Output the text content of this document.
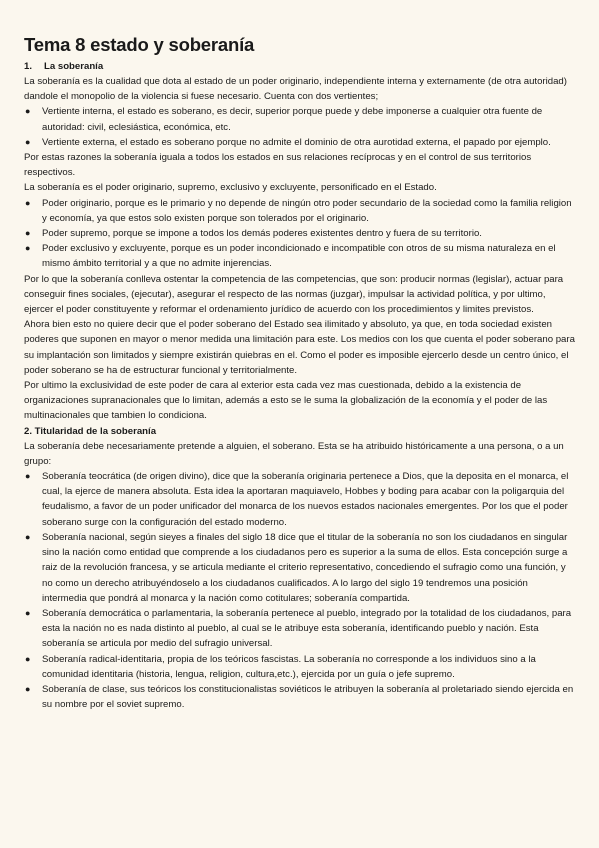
Tema 8 estado y soberanía
1. La soberanía

La soberanía es la cualidad que dota al estado de un poder originario, independiente interna y externamente (de otra autoridad) dandole el monopolio de la violencia si fuese necesario. Cuenta con dos vertientes;

● Vertiente interna, el estado es soberano, es decir, superior porque puede y debe imponerse a cualquier otra fuente de autoridad: civil, eclesiástica, económica, etc.
● Vertiente externa, el estado es soberano porque no admite el dominio de otra aurotidad externa, el papado por ejemplo.

Por estas razones la soberanía iguala a todos los estados en sus relaciones recíprocas y en el control de sus territorios respectivos.

La soberanía es el poder originario, supremo, exclusivo y excluyente, personificado en el Estado.

● Poder originario, porque es le primario y no depende de ningún otro poder secundario de la sociedad como la familia religion y economía, ya que estos solo existen porque son tolerados por el originario.
● Poder supremo, porque se impone a todos los demás poderes existentes dentro y fuera de su territorio.
● Poder exclusivo y excluyente, porque es un poder incondicionado e incompatible con otros de su misma naturaleza en el mismo ámbito territorial y a que no admite injerencias.

Por lo que la soberanía conlleva ostentar la competencia de las competencias, que son: producir normas (legislar), actuar para conseguir fines sociales, (ejecutar), asegurar el respecto de las normas (juzgar), impulsar la actividad política, y por ultimo, ejercer el poder constituyente y reformar el ordenamiento jurídico de acuerdo con los procedimientos y limites previstos.

Ahora bien esto no quiere decir que el poder soberano del Estado sea ilimitado y absoluto, ya que, en toda sociedad existen poderes que suponen en mayor o menor medida una limitación para este. Los medios con los que cuenta el poder soberano para su implantación son limitados y siempre existirán quiebras en el. Como el poder es imposible ejercerlo desde un centro único, el poder soberano se ha de estructurar funcional y territorialmente.

Por ultimo la exclusividad de este poder de cara al exterior esta cada vez mas cuestionada, debido a la existencia de organizaciones supranacionales que lo limitan, además a esto se le suma la globalización de la economía y el poder de las multinacionales que tambien lo condiciona.

2. Titularidad de la soberanía

La soberanía debe necesariamente pretende a alguien, el soberano. Esta se ha atribuido históricamente a una persona, o a un grupo:

● Soberanía teocrática (de origen divino), dice que la soberanía originaria pertenece a Dios, que la deposita en el monarca, el cual, la ejerce de manera absoluta. Esta idea la aportaran maquiavelo, Hobbes y boding para acabar con la poligarquia del feudalismo, a favor de un poder unificador del monarca de los nuevos estados nacionales emergentes. Por los que el poder soberano surge con la configuración del estado moderno.
● Soberanía nacional, según sieyes a finales del siglo 18 dice que el titular de la soberanía no son los ciudadanos en singular sino la nación como entidad que comprende a los ciudadanos pero es superior a la suma de ellos. Esta concepción surge a raiz de la revolución francesa, y se articula mediante el criterio representativo, concediendo el sufragio como una función, y no como un derecho atribuyéndoselo a los ciudadanos cualificados. A lo largo del siglo 19 tendremos una posición intermedia que pondrá al monarca y la nación como cotitulares; soberanía compartida.
● Soberanía democrática o parlamentaria, la soberanía pertenece al pueblo, integrado por la totalidad de los ciudadanos, para esta la nación no es nada distinto al pueblo, al cual se le atribuye esta soberanía, identificando pueblo y nación. Esta soberanía se articula por medio del sufragio universal.
● Soberanía radical-identitaria, propia de los teóricos fascistas. La soberanía no corresponde a los individuos sino a la comunidad identitaria (historia, lengua, religion, cultura,etc.), ejercida por un guía o jefe supremo.
● Soberanía de clase, sus teóricos los constitucionalistas soviéticos le atribuyen la soberanía al proletariado siendo ejercida en su nombre por el soviet supremo.
